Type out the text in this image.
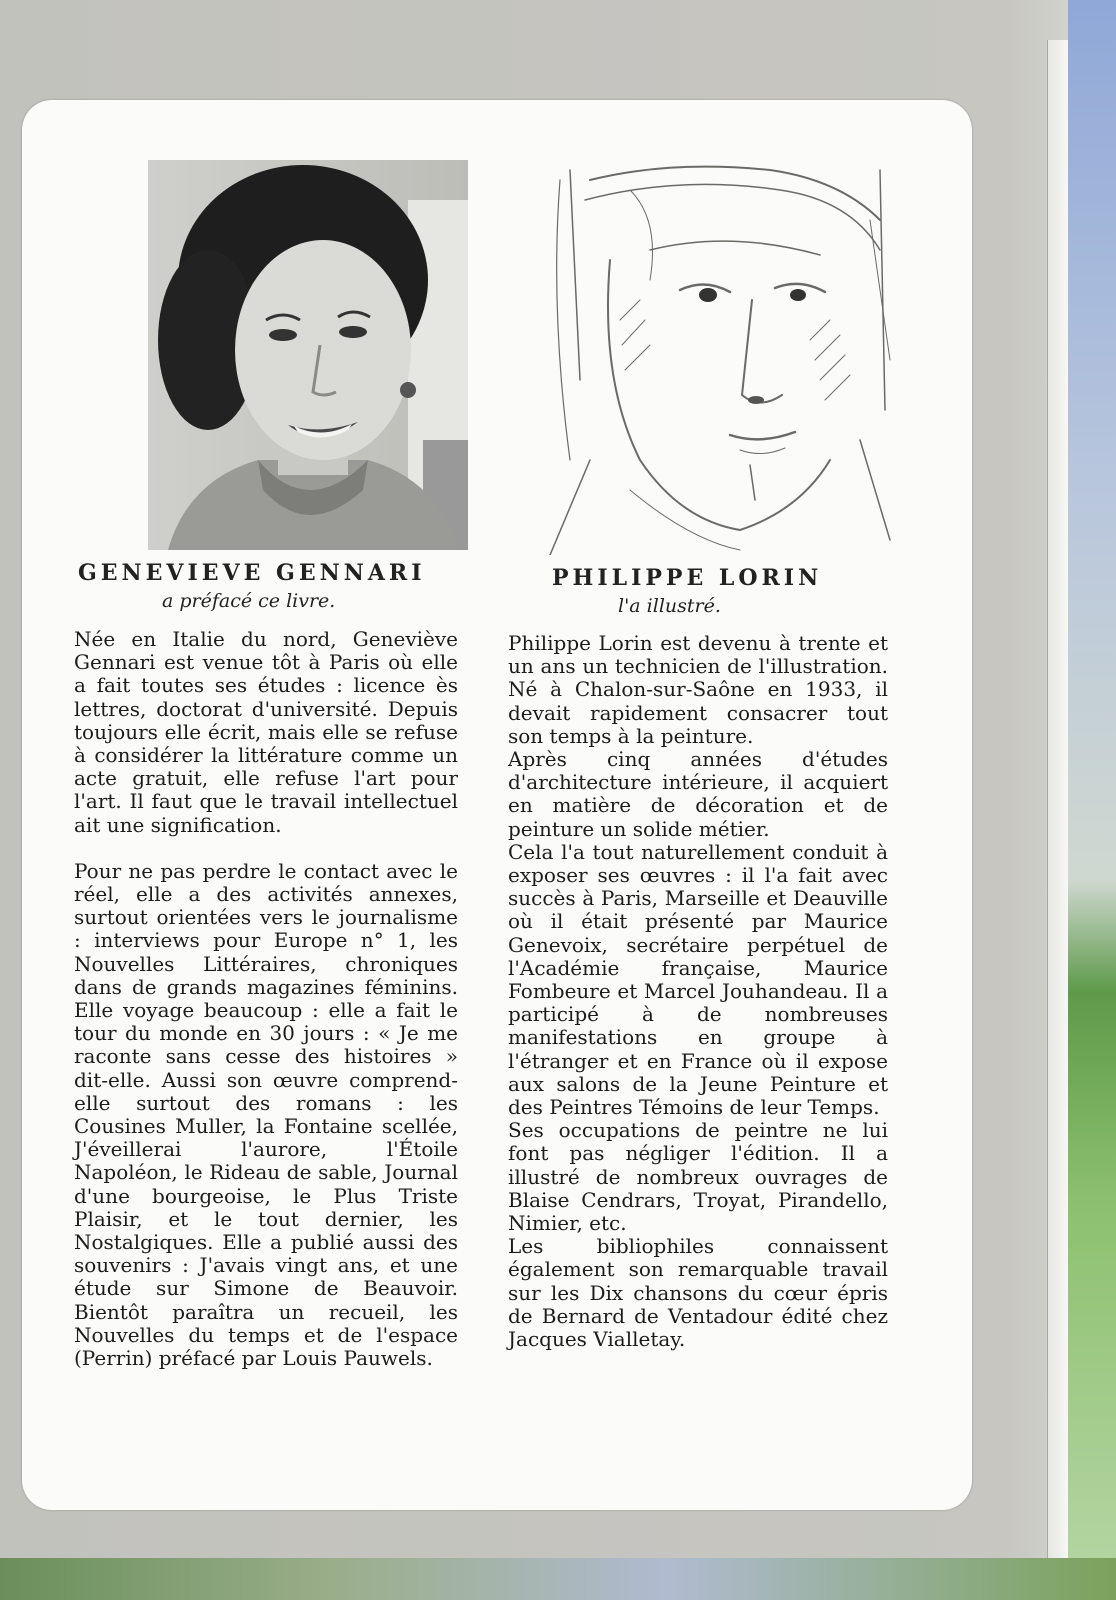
GENEVIEVE GENNARI
a préfacé ce livre.

Née en Italie du nord, Geneviève Gennari est venue tôt à Paris où elle a fait toutes ses études : licence ès lettres, doctorat d'université. Depuis toujours elle écrit, mais elle se refuse à considérer la littérature comme un acte gratuit, elle refuse l'art pour l'art. Il faut que le travail intellectuel ait une signification.

Pour ne pas perdre le contact avec le réel, elle a des activités annexes, surtout orientées vers le journalisme : interviews pour Europe n° 1, les Nouvelles Littéraires, chroniques dans de grands magazines féminins. Elle voyage beaucoup : elle a fait le tour du monde en 30 jours : « Je me raconte sans cesse des histoires » dit-elle. Aussi son œuvre comprend-elle surtout des romans : les Cousines Muller, la Fontaine scellée, J'éveillerai l'aurore, l'Étoile Napoléon, le Rideau de sable, Journal d'une bourgeoise, le Plus Triste Plaisir, et le tout dernier, les Nostalgiques. Elle a publié aussi des souvenirs : J'avais vingt ans, et une étude sur Simone de Beauvoir. Bientôt paraîtra un recueil, les Nouvelles du temps et de l'espace (Perrin) préfacé par Louis Pauwels.

PHILIPPE LORIN
l'a illustré.

Philippe Lorin est devenu à trente et un ans un technicien de l'illustration. Né à Chalon-sur-Saône en 1933, il devait rapidement consacrer tout son temps à la peinture.

Après cinq années d'études d'architecture intérieure, il acquiert en matière de décoration et de peinture un solide métier.

Cela l'a tout naturellement conduit à exposer ses œuvres : il l'a fait avec succès à Paris, Marseille et Deauville où il était présenté par Maurice Genevoix, secrétaire perpétuel de l'Académie française, Maurice Fombeure et Marcel Jouhandeau. Il a participé à de nombreuses manifestations en groupe à l'étranger et en France où il expose aux salons de la Jeune Peinture et des Peintres Témoins de leur Temps.

Ses occupations de peintre ne lui font pas négliger l'édition. Il a illustré de nombreux ouvrages de Blaise Cendrars, Troyat, Pirandello, Nimier, etc.

Les bibliophiles connaissent également son remarquable travail sur les Dix chansons du cœur épris de Bernard de Ventadour édité chez Jacques Vialletay.
